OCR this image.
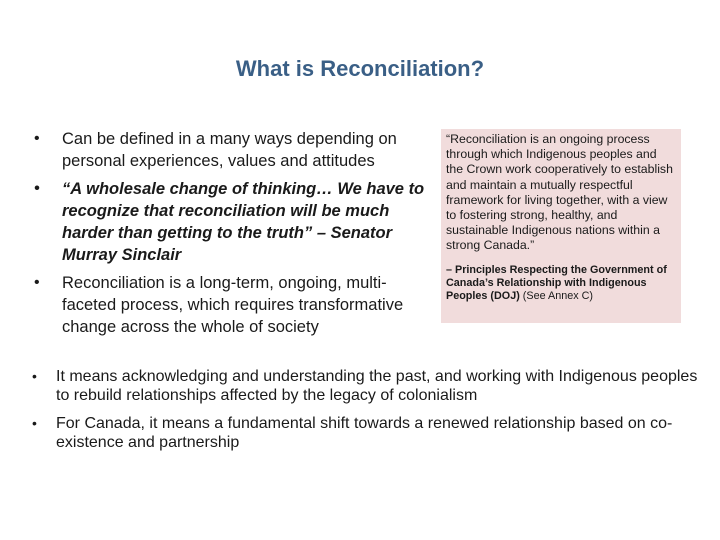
What is Reconciliation?
• Can be defined in a many ways depending on personal experiences, values and attitudes
• “A wholesale change of thinking… We have to recognize that reconciliation will be much harder than getting to the truth” – Senator Murray Sinclair
• Reconciliation is a long-term, ongoing, multi-faceted process, which requires transformative change across the whole of society

“Reconciliation is an ongoing process through which Indigenous peoples and the Crown work cooperatively to establish and maintain a mutually respectful framework for living together, with a view to fostering strong, healthy, and sustainable Indigenous nations within a strong Canada.”

– Principles Respecting the Government of Canada’s Relationship with Indigenous Peoples (DOJ) (See Annex C)

• It means acknowledging and understanding the past, and working with Indigenous peoples to rebuild relationships affected by the legacy of colonialism
• For Canada, it means a fundamental shift towards a renewed relationship based on co-existence and partnership
